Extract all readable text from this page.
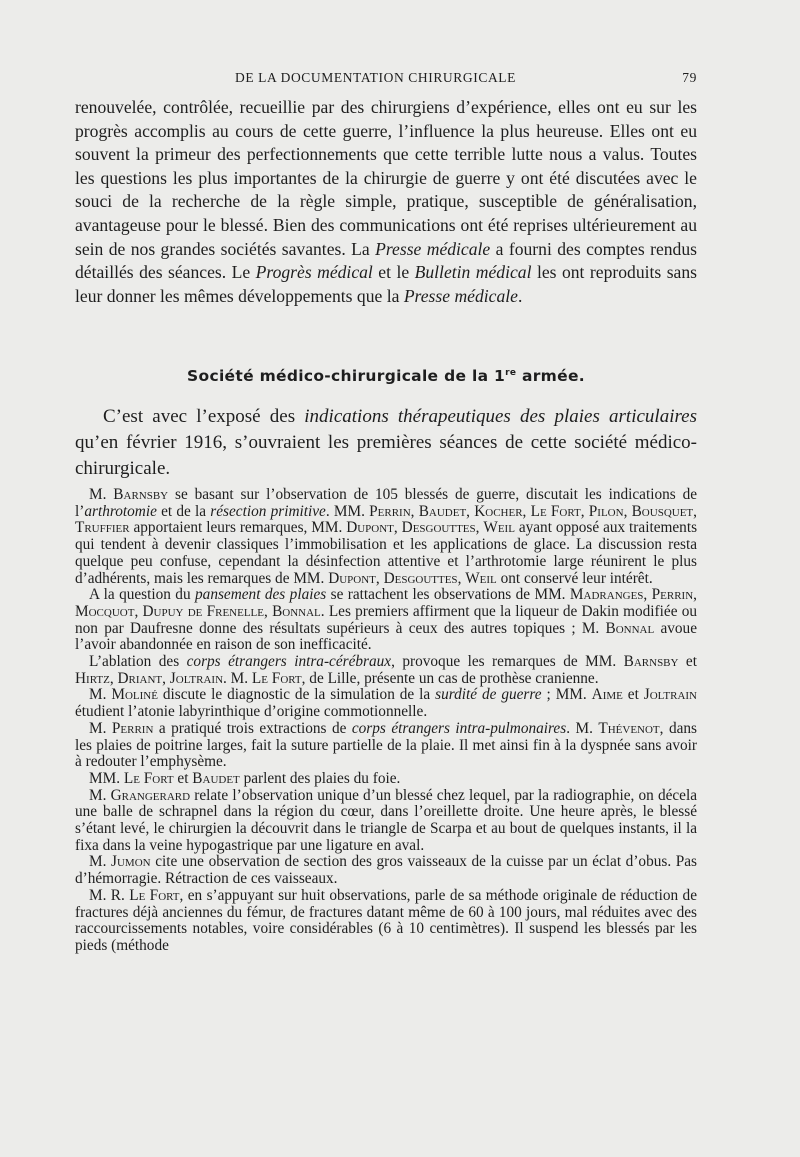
DE LA DOCUMENTATION CHIRURGICALE	79

renouvelée, contrôlée, recueillie par des chirurgiens d’expérience, elles ont eu sur les progrès accomplis au cours de cette guerre, l’influence la plus heureuse. Elles ont eu souvent la primeur des perfectionnements que cette terrible lutte nous a valus. Toutes les questions les plus importantes de la chirurgie de guerre y ont été discutées avec le souci de la recherche de la règle simple, pratique, susceptible de généralisation, avantageuse pour le blessé. Bien des communications ont été reprises ultérieurement au sein de nos grandes sociétés savantes. La Presse médicale a fourni des comptes rendus détaillés des séances. Le Progrès médical et le Bulletin médical les ont reproduits sans leur donner les mêmes développements que la Presse médicale.

Société médico-chirurgicale de la 1re armée.

C’est avec l’exposé des indications thérapeutiques des plaies articulaires qu’en février 1916, s’ouvraient les premières séances de cette société médico-chirurgicale.

M. Barnsby se basant sur l’observation de 105 blessés de guerre, discutait les indications de l’arthrotomie et de la résection primitive. MM. Perrin, Baudet, Kocher, Le Fort, Pilon, Bousquet, Truffier apportaient leurs remarques, MM. Dupont, Desgouttes, Weil ayant opposé aux traitements qui tendent à devenir classiques l’immobilisation et les applications de glace. La discussion resta quelque peu confuse, cependant la désinfection attentive et l’arthrotomie large réunirent le plus d’adhérents, mais les remarques de MM. Dupont, Desgouttes, Weil ont conservé leur intérêt.

A la question du pansement des plaies se rattachent les observations de MM. Madranges, Perrin, Mocquot, Dupuy de Frenelle, Bonnal. Les premiers affirment que la liqueur de Dakin modifiée ou non par Daufresne donne des résultats supérieurs à ceux des autres topiques ; M. Bonnal avoue l’avoir abandonnée en raison de son inefficacité.

L’ablation des corps étrangers intra-cérébraux, provoque les remarques de MM. Barnsby et Hirtz, Driant, Joltrain. M. Le Fort, de Lille, présente un cas de prothèse cranienne.

M. Moliné discute le diagnostic de la simulation de la surdité de guerre ; MM. Aime et Joltrain étudient l’atonie labyrinthique d’origine commotionnelle.

M. Perrin a pratiqué trois extractions de corps étrangers intra-pulmonaires. M. Thévenot, dans les plaies de poitrine larges, fait la suture partielle de la plaie. Il met ainsi fin à la dyspnée sans avoir à redouter l’emphysème.

MM. Le Fort et Baudet parlent des plaies du foie.

M. Grangerard relate l’observation unique d’un blessé chez lequel, par la radiographie, on décela une balle de schrapnel dans la région du cœur, dans l’oreillette droite. Une heure après, le blessé s’étant levé, le chirurgien la découvrit dans le triangle de Scarpa et au bout de quelques instants, il la fixa dans la veine hypogastrique par une ligature en aval.

M. Jumon cite une observation de section des gros vaisseaux de la cuisse par un éclat d’obus. Pas d’hémorragie. Rétraction de ces vaisseaux.

M. R. Le Fort, en s’appuyant sur huit observations, parle de sa méthode originale de réduction de fractures déjà anciennes du fémur, de fractures datant même de 60 à 100 jours, mal réduites avec des raccourcissements notables, voire considérables (6 à 10 centimètres). Il suspend les blessés par les pieds (méthode
